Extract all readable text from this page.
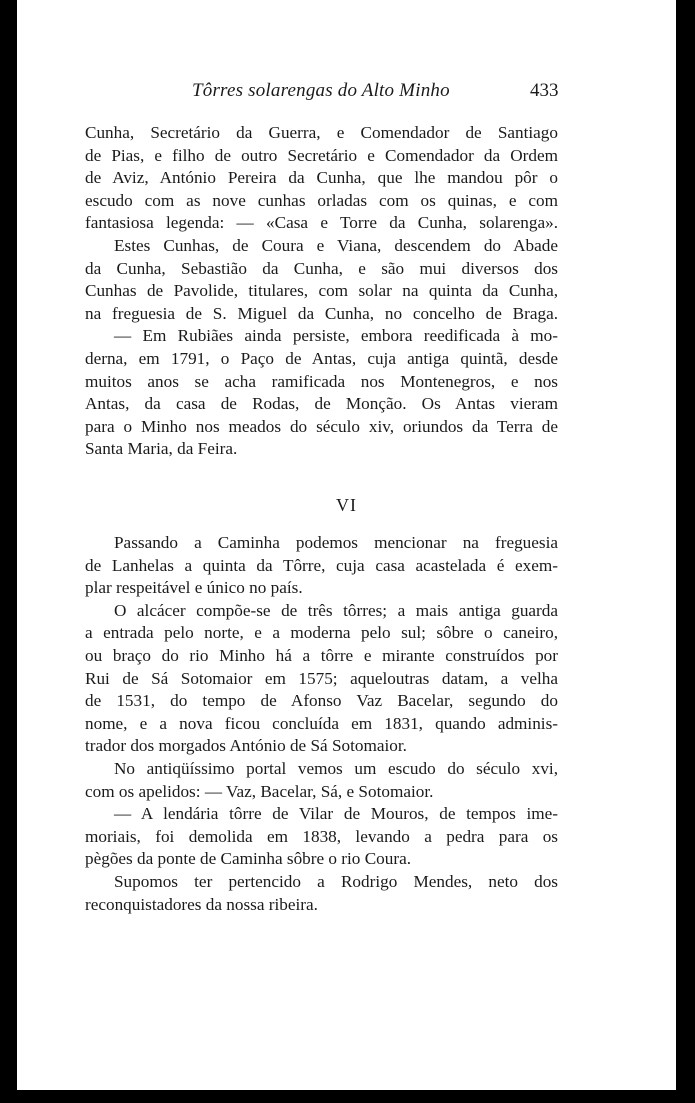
Tôrres solarengas do Alto Minho	433
Cunha, Secretário da Guerra, e Comendador de Santiago
de Pias, e filho de outro Secretário e Comendador da Ordem
de Aviz, António Pereira da Cunha, que lhe mandou pôr o
escudo com as nove cunhas orladas com os quinas, e com
fantasiosa legenda: — «Casa e Torre da Cunha, solarenga».
Estes Cunhas, de Coura e Viana, descendem do Abade
da Cunha, Sebastião da Cunha, e são mui diversos dos
Cunhas de Pavolide, titulares, com solar na quinta da Cunha,
na freguesia de S. Miguel da Cunha, no concelho de Braga.
— Em Rubiães ainda persiste, embora reedificada à mo-
derna, em 1791, o Paço de Antas, cuja antiga quintã, desde
muitos anos se acha ramificada nos Montenegros, e nos
Antas, da casa de Rodas, de Monção. Os Antas vieram
para o Minho nos meados do século xiv, oriundos da Terra de
Santa Maria, da Feira.
VI
Passando a Caminha podemos mencionar na freguesia
de Lanhelas a quinta da Tôrre, cuja casa acastelada é exem-
plar respeitável e único no país.
O alcácer compõe-se de três tôrres; a mais antiga guarda
a entrada pelo norte, e a moderna pelo sul; sôbre o caneiro,
ou braço do rio Minho há a tôrre e mirante construídos por
Rui de Sá Sotomaior em 1575; aqueloutras datam, a velha
de 1531, do tempo de Afonso Vaz Bacelar, segundo do
nome, e a nova ficou concluída em 1831, quando adminis-
trador dos morgados António de Sá Sotomaior.
No antiqüíssimo portal vemos um escudo do século xvi,
com os apelidos: — Vaz, Bacelar, Sá, e Sotomaior.
— A lendária tôrre de Vilar de Mouros, de tempos ime-
moriais, foi demolida em 1838, levando a pedra para os
pègões da ponte de Caminha sôbre o rio Coura.
Supomos ter pertencido a Rodrigo Mendes, neto dos
reconquistadores da nossa ribeira.
